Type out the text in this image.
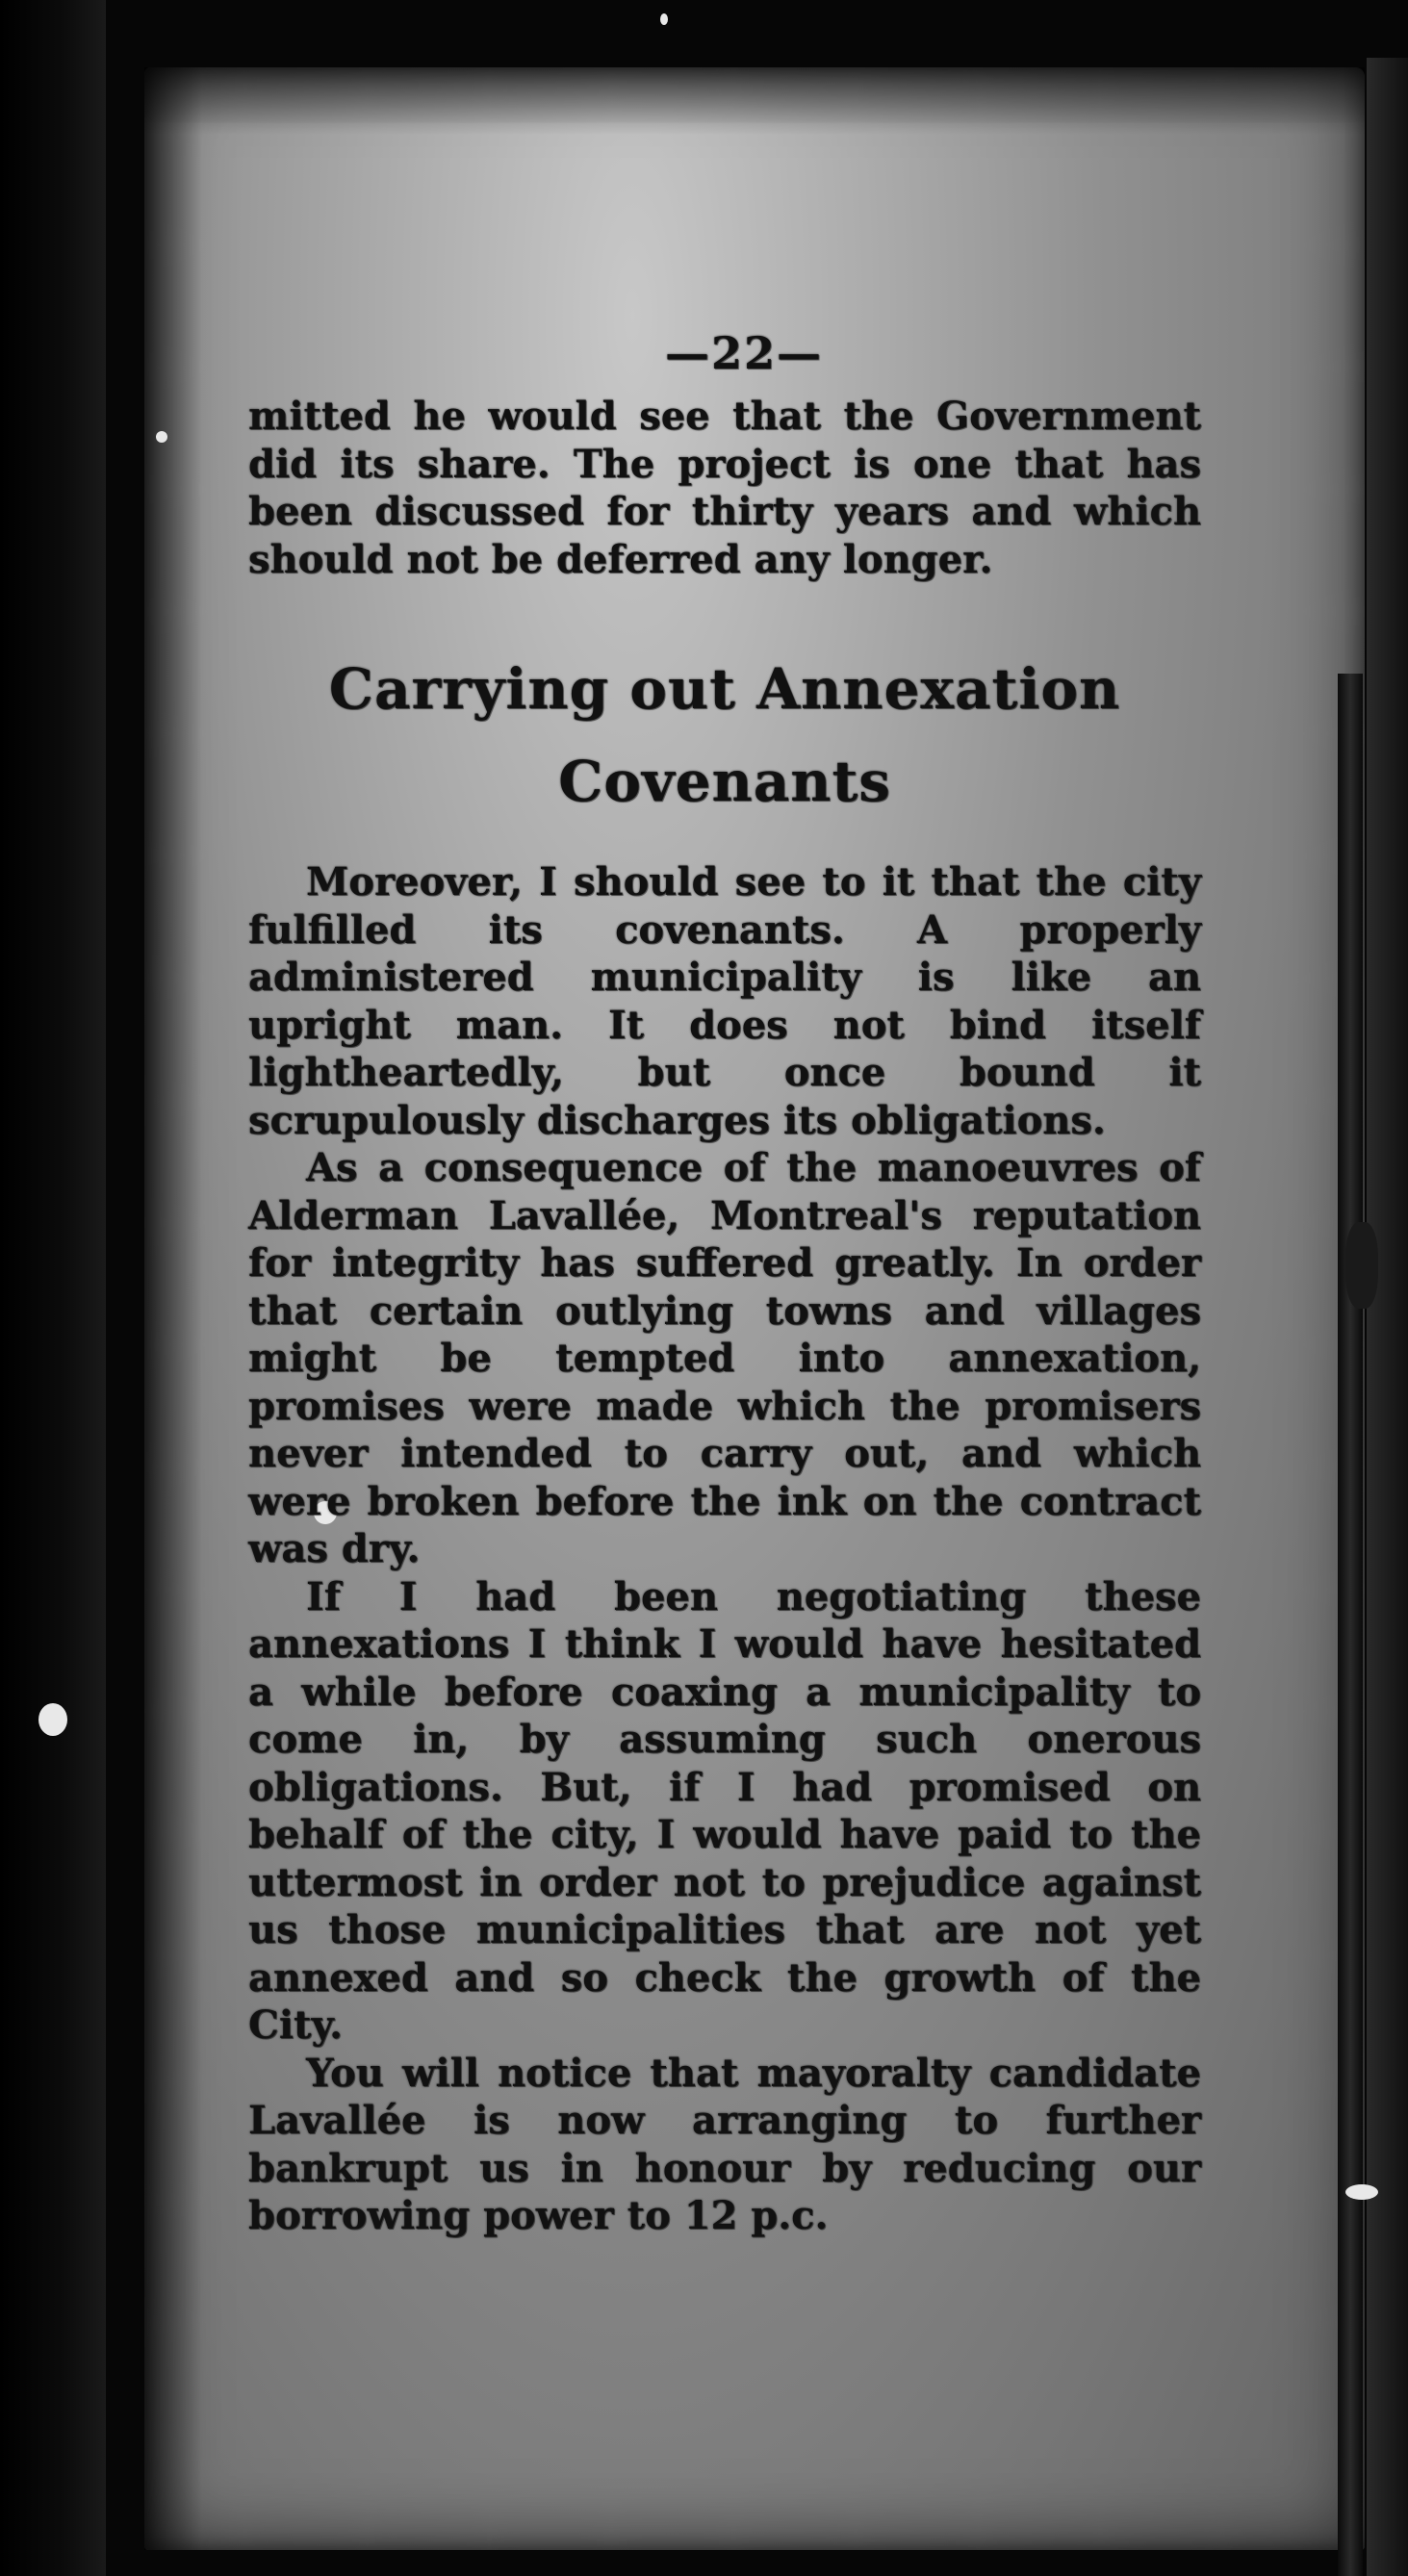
—22—

mitted he would see that the Government did its share. The project is one that has been discussed for thirty years and which should not be deferred any longer.

Carrying out Annexation
Covenants

Moreover, I should see to it that the city fulfilled its covenants. A properly administered municipality is like an upright man. It does not bind itself lightheartedly, but once bound it scrupulously discharges its obligations.

As a consequence of the manoeuvres of Alderman Lavallée, Montreal's reputation for integrity has suffered greatly. In order that certain outlying towns and villages might be tempted into annexation, promises were made which the promisers never intended to carry out, and which were broken before the ink on the contract was dry.

If I had been negotiating these annexations I think I would have hesitated a while before coaxing a municipality to come in, by assuming such onerous obligations. But, if I had promised on behalf of the city, I would have paid to the uttermost in order not to prejudice against us those municipalities that are not yet annexed and so check the growth of the City.

You will notice that mayoralty candidate Lavallée is now arranging to further bankrupt us in honour by reducing our borrowing power to 12 p.c.
